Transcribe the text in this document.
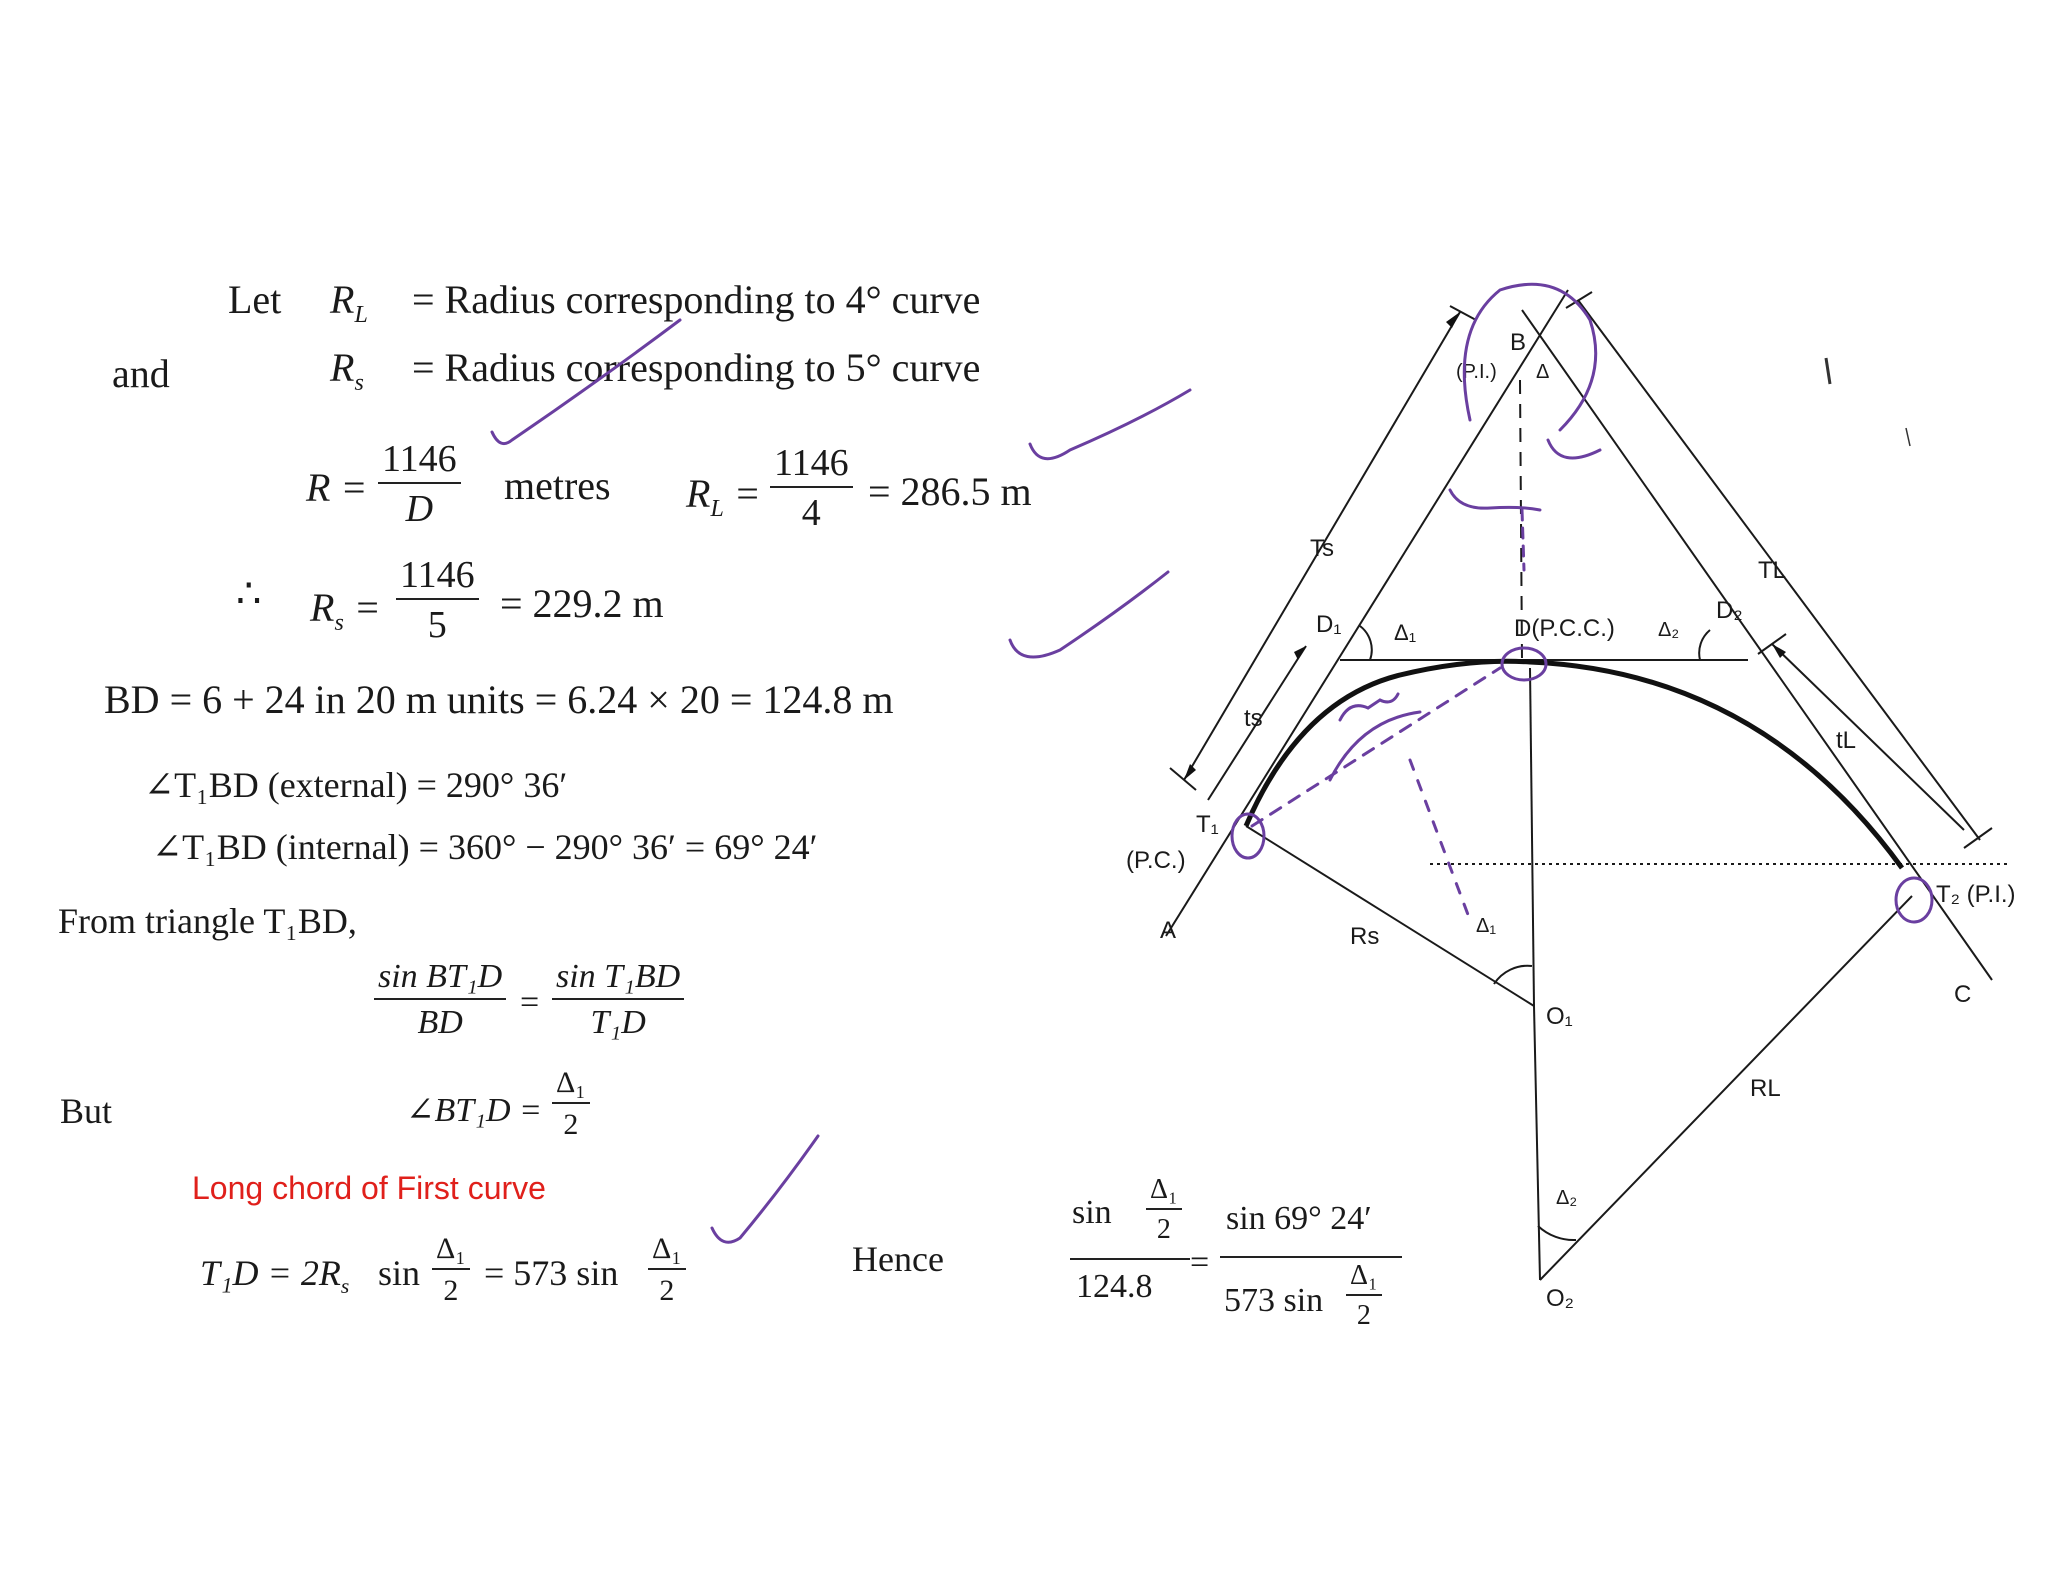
Let $R_L$ = Radius corresponding to 4° curve
and	$R_s$ = Radius corresponding to 5° curve
R =
1146
D
metres $R_L$ =
1146
4 = 286.5 m
∴ $R_s$ =
1146
5 = 229.2 m
BD = 6 + 24 in 20 m units = 6.24 × 20 = 124.8 m
∠T₁BD (external) = 290° 36′
∠T₁BD (internal) = 360° − 290° 36′ = 69° 24′
From triangle T₁BD,
sin BT₁D
BD
=
sin T₁BD
T₁D
But	∠BT₁D =
Δ₁
2
Long chord of First curve
$T_1D = 2R_s$ sin
Δ₁
2 = 573 sin
Δ₁
2
Hence
sin
Δ₁
2
124.8
=
sin 69° 24′
573 sin
Δ₁
2
B
(P.I.) Δ
Ts
TL
D₁ Δ₁	D(P.C.C.) Δ₂
D₂
ts
tL
T₁
(P.C.)
A	Rs	Δ₁
O₁
T₂ (P.I.)
C
RL
Δ₂
O₂
